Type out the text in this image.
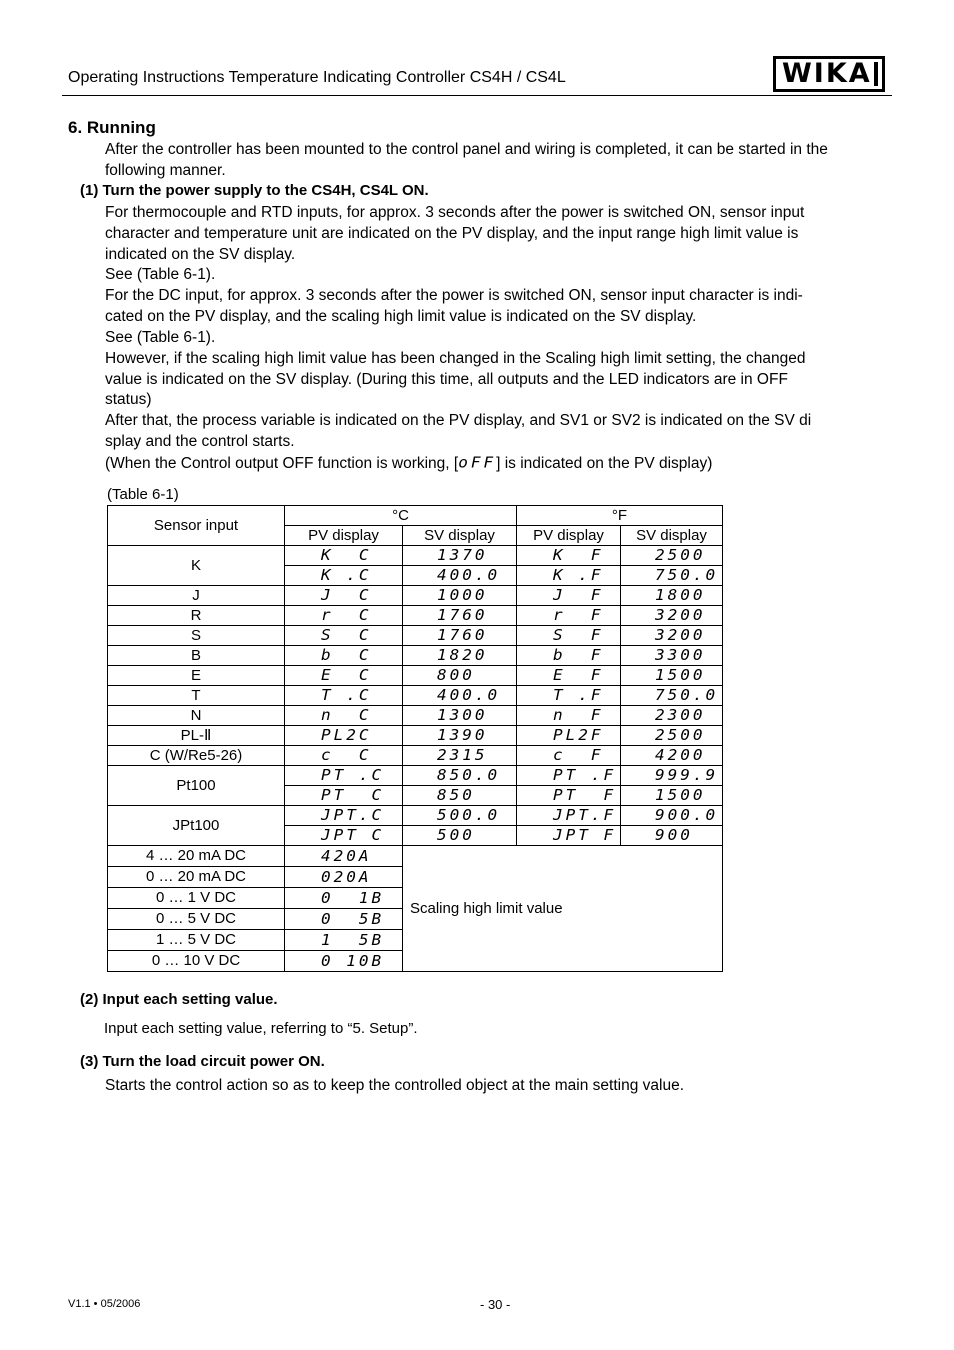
Operating Instructions Temperature Indicating Controller CS4H / CS4L	WIKA
6. Running
After the controller has been mounted to the control panel and wiring is completed, it can be started in the
following manner.
(1) Turn the power supply to the CS4H, CS4L ON.
For thermocouple and RTD inputs, for approx. 3 seconds after the power is switched ON, sensor input
character and temperature unit are indicated on the PV display, and the input range high limit value is
indicated on the SV display.
See (Table 6-1).
For the DC input, for approx. 3 seconds after the power is switched ON, sensor input character is indi-
cated on the PV display, and the scaling high limit value is indicated on the SV display.
See (Table 6-1).
However, if the scaling high limit value has been changed in the Scaling high limit setting, the changed
value is indicated on the SV display. (During this time, all outputs and the LED indicators are in OFF
status)
After that, the process variable is indicated on the PV display, and SV1 or SV2 is indicated on the SV di
splay and the control starts.
(When the Control output OFF function is working, [oFF] is indicated on the PV display)
(Table 6-1)
Sensor input	°C		°F	
	PV display	SV display	PV display	SV display
K	K  C	1370	K  F	2500
	K .C	400.0	K .F	750.0
J	J  C	1000	J  F	1800
R	r  C	1760	r  F	3200
S	S  C	1760	S  F	3200
B	b  C	1820	b  F	3300
E	E  C	800	E  F	1500
T	T .C	400.0	T .F	750.0
N	n  C	1300	n  F	2300
PL-Ⅱ	PL2C	1390	PL2F	2500
C (W/Re5-26)	c  C	2315	c  F	4200
Pt100	PT .C	850.0	PT .F	999.9
	PT  C	850	PT  F	1500
JPt100	JPT.C	500.0	JPT.F	900.0
	JPT C	500	JPT F	900
4 … 20 mA DC	420A	Scaling high limit value		
0 … 20 mA DC	020A			
0 … 1 V DC	0  1B			
0 … 5 V DC	0  5B			
1 … 5 V DC	1  5B			
0 … 10 V DC	0 10B			
(2) Input each setting value.
Input each setting value, referring to “5. Setup”.
(3) Turn the load circuit power ON.
Starts the control action so as to keep the controlled object at the main setting value.
V1.1 • 05/2006	- 30 -
